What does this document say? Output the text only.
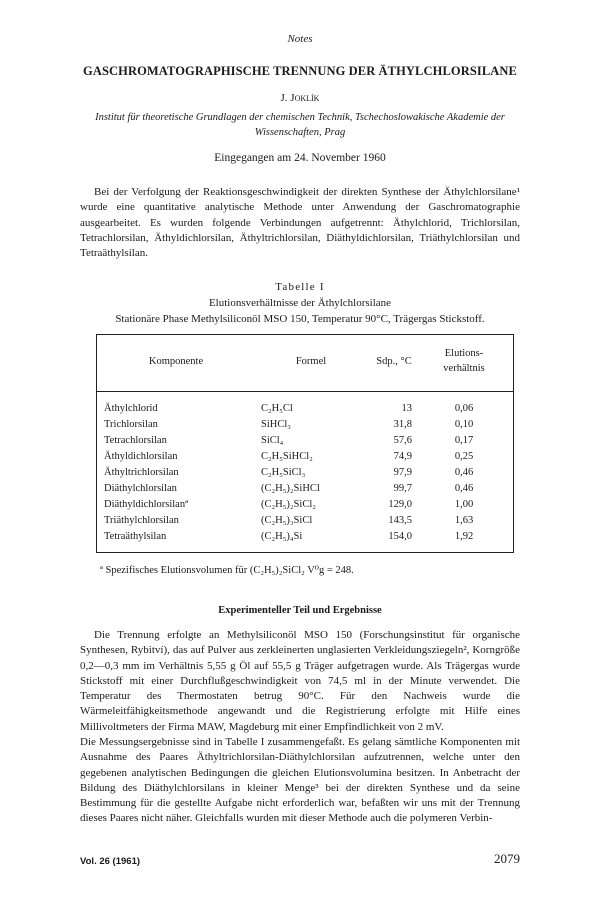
Notes
GASCHROMATOGRAPHISCHE TRENNUNG DER ÄTHYLCHLORSILANE
J. Joklík
Institut für theoretische Grundlagen der chemischen Technik, Tschechoslowakische Akademie der Wissenschaften, Prag
Eingegangen am 24. November 1960

Bei der Verfolgung der Reaktionsgeschwindigkeit der direkten Synthese der Äthylchlorsilane¹ wurde eine quantitative analytische Methode unter Anwendung der Gaschromatographie ausgearbeitet. Es wurden folgende Verbindungen aufgetrennt: Äthylchlorid, Trichlorsilan, Tetrachlorsilan, Äthyldichlorsilan, Äthyltrichlorsilan, Diäthyldichlorsilan, Triäthylchlorsilan und Tetraäthylsilan.

Tabelle I
Elutionsverhältnisse der Äthylchlorsilane
Stationäre Phase Methylsiliconöl MSO 150, Temperatur 90°C, Trägergas Stickstoff.
Komponente	Formel	Sdp., °C
Elutions-
verhältnis
Äthylchlorid	C₂H₅Cl	13	0,06
Trichlorsilan	SiHCl₃	31,8	0,10
Tetrachlorsilan	SiCl₄	57,6	0,17
Äthyldichlorsilan	C₂H₅SiHCl₂	74,9	0,25
Äthyltrichlorsilan	C₂H₅SiCl₃	97,9	0,46
Diäthylchlorsilan	(C₂H₅)₂SiHCl	99,7	0,46
Diäthyldichlorsilanª	(C₂H₅)₂SiCl₂	129,0	1,00
Triäthylchlorsilan	(C₂H₅)₃SiCl	143,5	1,63
Tetraäthylsilan	(C₂H₅)₄Si	154,0	1,92
ª Spezifisches Elutionsvolumen für (C₂H₅)₂SiCl₂ V⁰g = 248.
Experimenteller Teil und Ergebnisse

Die Trennung erfolgte an Methylsiliconöl MSO 150 (Forschungsinstitut für organische Synthesen, Rybitví), das auf Pulver aus zerkleinerten unglasierten Verkleidungsziegeln², Korngröße 0,2—0,3 mm im Verhältnis 5,55 g Öl auf 55,5 g Träger aufgetragen wurde. Als Trägergas wurde Stickstoff mit einer Durchflußgeschwindigkeit von 74,5 ml in der Minute verwendet. Die Temperatur des Thermostaten betrug 90°C. Für den Nachweis wurde die Wärmeleitfähigkeitsmethode angewandt und die Registrierung erfolgte mit Hilfe eines Millivoltmeters der Firma MAW, Magdeburg mit einer Empfindlichkeit von 2 mV.

Die Messungsergebnisse sind in Tabelle I zusammengefaßt. Es gelang sämtliche Komponenten mit Ausnahme des Paares Äthyltrichlorsilan-Diäthylchlorsilan aufzutrennen, welche unter den gegebenen analytischen Bedingungen die gleichen Elutionsvolumina besitzen. In Anbetracht der Bildung des Diäthylchlorsilans in kleiner Menge³ bei der direkten Synthese und da seine Bestimmung für die gestellte Aufgabe nicht erforderlich war, befaßten wir uns mit der Trennung dieses Paares nicht näher. Gleichfalls wurden mit dieser Methode auch die polymeren Verbin-

Vol. 26 (1961)	2079
